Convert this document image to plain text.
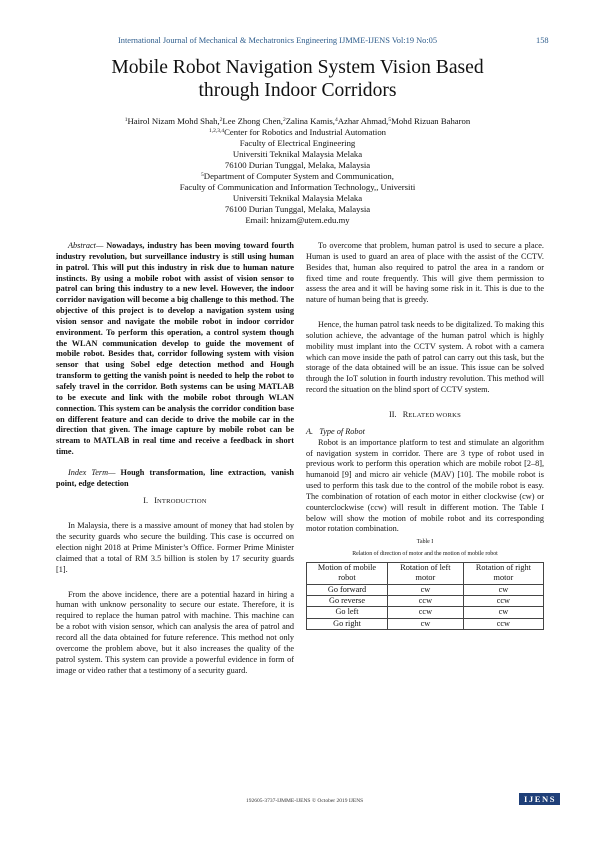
International Journal of Mechanical & Mechatronics Engineering IJMME-IJENS Vol:19 No:05	158
Mobile Robot Navigation System Vision Based
through Indoor Corridors
$^1$Hairol Nizam Mohd Shah,$^2$Lee Zhong Chen,$^2$Zalina Kamis,$^4$Azhar Ahmad,$^5$Mohd Rizuan Baharon
$^{1,2,3,4}$Center for Robotics and Industrial Automation
Faculty of Electrical Engineering
Universiti Teknikal Malaysia Melaka
76100 Durian Tunggal, Melaka, Malaysia
$^5$Department of Computer System and Communication,
Faculty of Communication and Information Technology,, Universiti
Universiti Teknikal Malaysia Melaka
76100 Durian Tunggal, Melaka, Malaysia
Email: hnizam@utem.edu.my

Abstract— Nowadays, industry has been moving toward fourth industry revolution, but surveillance industry is still using human in patrol. This will put this industry in risk due to human nature instincts. By using a mobile robot with assist of vision sensor to patrol can bring this industry to a new level. However, the indoor corridor navigation will become a big challenge to this method. The objective of this project is to develop a navigation system using vision sensor and navigate the mobile robot in indoor corridor environment. To perform this operation, a control system though the WLAN communication develop to guide the movement of mobile robot. Besides that, corridor following system with vision sensor that using Sobel edge detection method and Hough transform to getting the vanish point is needed to help the robot to safely travel in the corridor. Both systems can be using MATLAB to be execute and link with the mobile robot through WLAN connection. This system can be analysis the corridor condition base on different feature and can decide to drive the mobile car in the direction that given. The image capture by mobile robot can be stream to MATLAB in real time and receive a feedback in short time.

Index Term— Hough transformation, line extraction, vanish point, edge detection

I. INTRODUCTION

In Malaysia, there is a massive amount of money that had stolen by the security guards who secure the building. This case is occurred on election night 2018 at Prime Minister’s Office. Former Prime Minister claimed that a total of RM 3.5 billion is stolen by 17 security guards [1].

From the above incidence, there are a potential hazard in hiring a human with unknow personality to secure our estate. Therefore, it is required to replace the human patrol with machine. This machine can be a robot with vision sensor, which can analysis the area of patrol and record all the data obtained for future reference. This method not only overcome the problem above, but it also increases the quality of the patrol system. This system can provide a powerful evidence in form of image or video rather that a testimony of a security guard.

To overcome that problem, human patrol is used to secure a place. Human is used to guard an area of place with the assist of the CCTV. Besides that, human also required to patrol the area in a random or fixed time and route frequently. This will give them permission to assess the area and it will be having some risk in it. This is due to the nature of human being that is greedy.

Hence, the human patrol task needs to be digitalized. To making this solution achieve, the advantage of the human patrol which is highly mobility must implant into the CCTV system. A robot with a camera which can move inside the path of patrol can carry out this task, but the storage of the data obtained will be an issue. This issue can be solved through the IoT solution in fourth industry revolution. This method will record the situation on the blind sport of CCTV system.

II. RELATED WORKS

A. Type of Robot

Robot is an importance platform to test and stimulate an algorithm of navigation system in corridor. There are 3 type of robot used in previous work to perform this operation which are mobile robot [2–8], humanoid [9] and micro air vehicle (MAV) [10]. The mobile robot is used to perform this task due to the control of the mobile robot is easy. The combination of rotation of each motor in either clockwise (cw) or counterclockwise (ccw) will result in different motion. The Table I below will show the motion of mobile robot and its corresponding motor rotation combination.

Table I

Relation of direction of motor and the motion of mobile robot

Motion of mobile robot	Rotation of left motor	Rotation of right motor
Go forward	cw	cw
Go reverse	ccw	ccw
Go left	ccw	cw
Go right	cw	ccw
192605-3737-IJMME-IJENS © October 2019 IJENS	IJENS
